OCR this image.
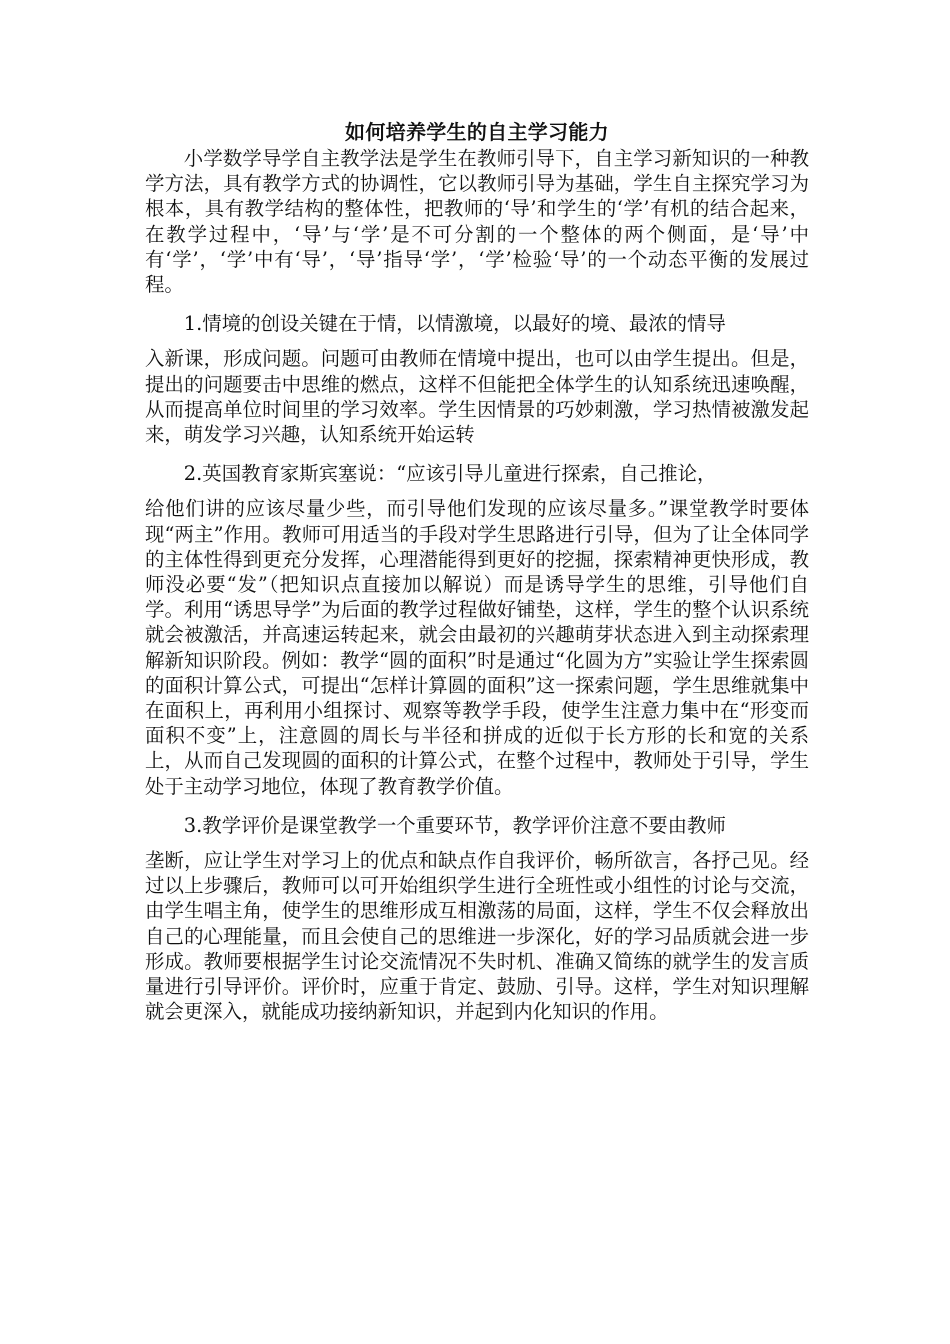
如何培养学生的自主学习能力

小学数学导学自主教学法是学生在教师引导下，自主学习新知识的一种教学方法，具有教学方式的协调性，它以教师引导为基础，学生自主探究学习为根本，具有教学结构的整体性，把教师的‘导’和学生的‘学’有机的结合起来，在教学过程中，‘导’与‘学’是不可分割的一个整体的两个侧面，是‘导’中有‘学’，‘学’中有‘导’，‘导’指导‘学’，‘学’检验‘导’的一个动态平衡的发展过程。

1.情境的创设关键在于情，以情激境，以最好的境、最浓的情导

入新课，形成问题。问题可由教师在情境中提出，也可以由学生提出。但是，提出的问题要击中思维的燃点，这样不但能把全体学生的认知系统迅速唤醒，从而提高单位时间里的学习效率。学生因情景的巧妙刺激，学习热情被激发起来，萌发学习兴趣，认知系统开始运转

2.英国教育家斯宾塞说：“应该引导儿童进行探索，自己推论，

给他们讲的应该尽量少些，而引导他们发现的应该尽量多。”课堂教学时要体现“两主”作用。教师可用适当的手段对学生思路进行引导，但为了让全体同学的主体性得到更充分发挥，心理潜能得到更好的挖掘，探索精神更快形成，教师没必要“发”（把知识点直接加以解说）而是诱导学生的思维，引导他们自学。利用“诱思导学”为后面的教学过程做好铺垫，这样，学生的整个认识系统就会被激活，并高速运转起来，就会由最初的兴趣萌芽状态进入到主动探索理解新知识阶段。例如：教学“圆的面积”时是通过“化圆为方”实验让学生探索圆的面积计算公式，可提出“怎样计算圆的面积”这一探索问题，学生思维就集中在面积上，再利用小组探讨、观察等教学手段，使学生注意力集中在“形变而面积不变”上，注意圆的周长与半径和拼成的近似于长方形的长和宽的关系上，从而自己发现圆的面积的计算公式，在整个过程中，教师处于引导，学生处于主动学习地位，体现了教育教学价值。

3.教学评价是课堂教学一个重要环节，教学评价注意不要由教师

垄断，应让学生对学习上的优点和缺点作自我评价，畅所欲言，各抒己见。经过以上步骤后，教师可以可开始组织学生进行全班性或小组性的讨论与交流，由学生唱主角，使学生的思维形成互相激荡的局面，这样，学生不仅会释放出自己的心理能量，而且会使自己的思维进一步深化，好的学习品质就会进一步形成。教师要根据学生讨论交流情况不失时机、准确又简练的就学生的发言质量进行引导评价。评价时，应重于肯定、鼓励、引导。这样，学生对知识理解就会更深入，就能成功接纳新知识，并起到内化知识的作用。
